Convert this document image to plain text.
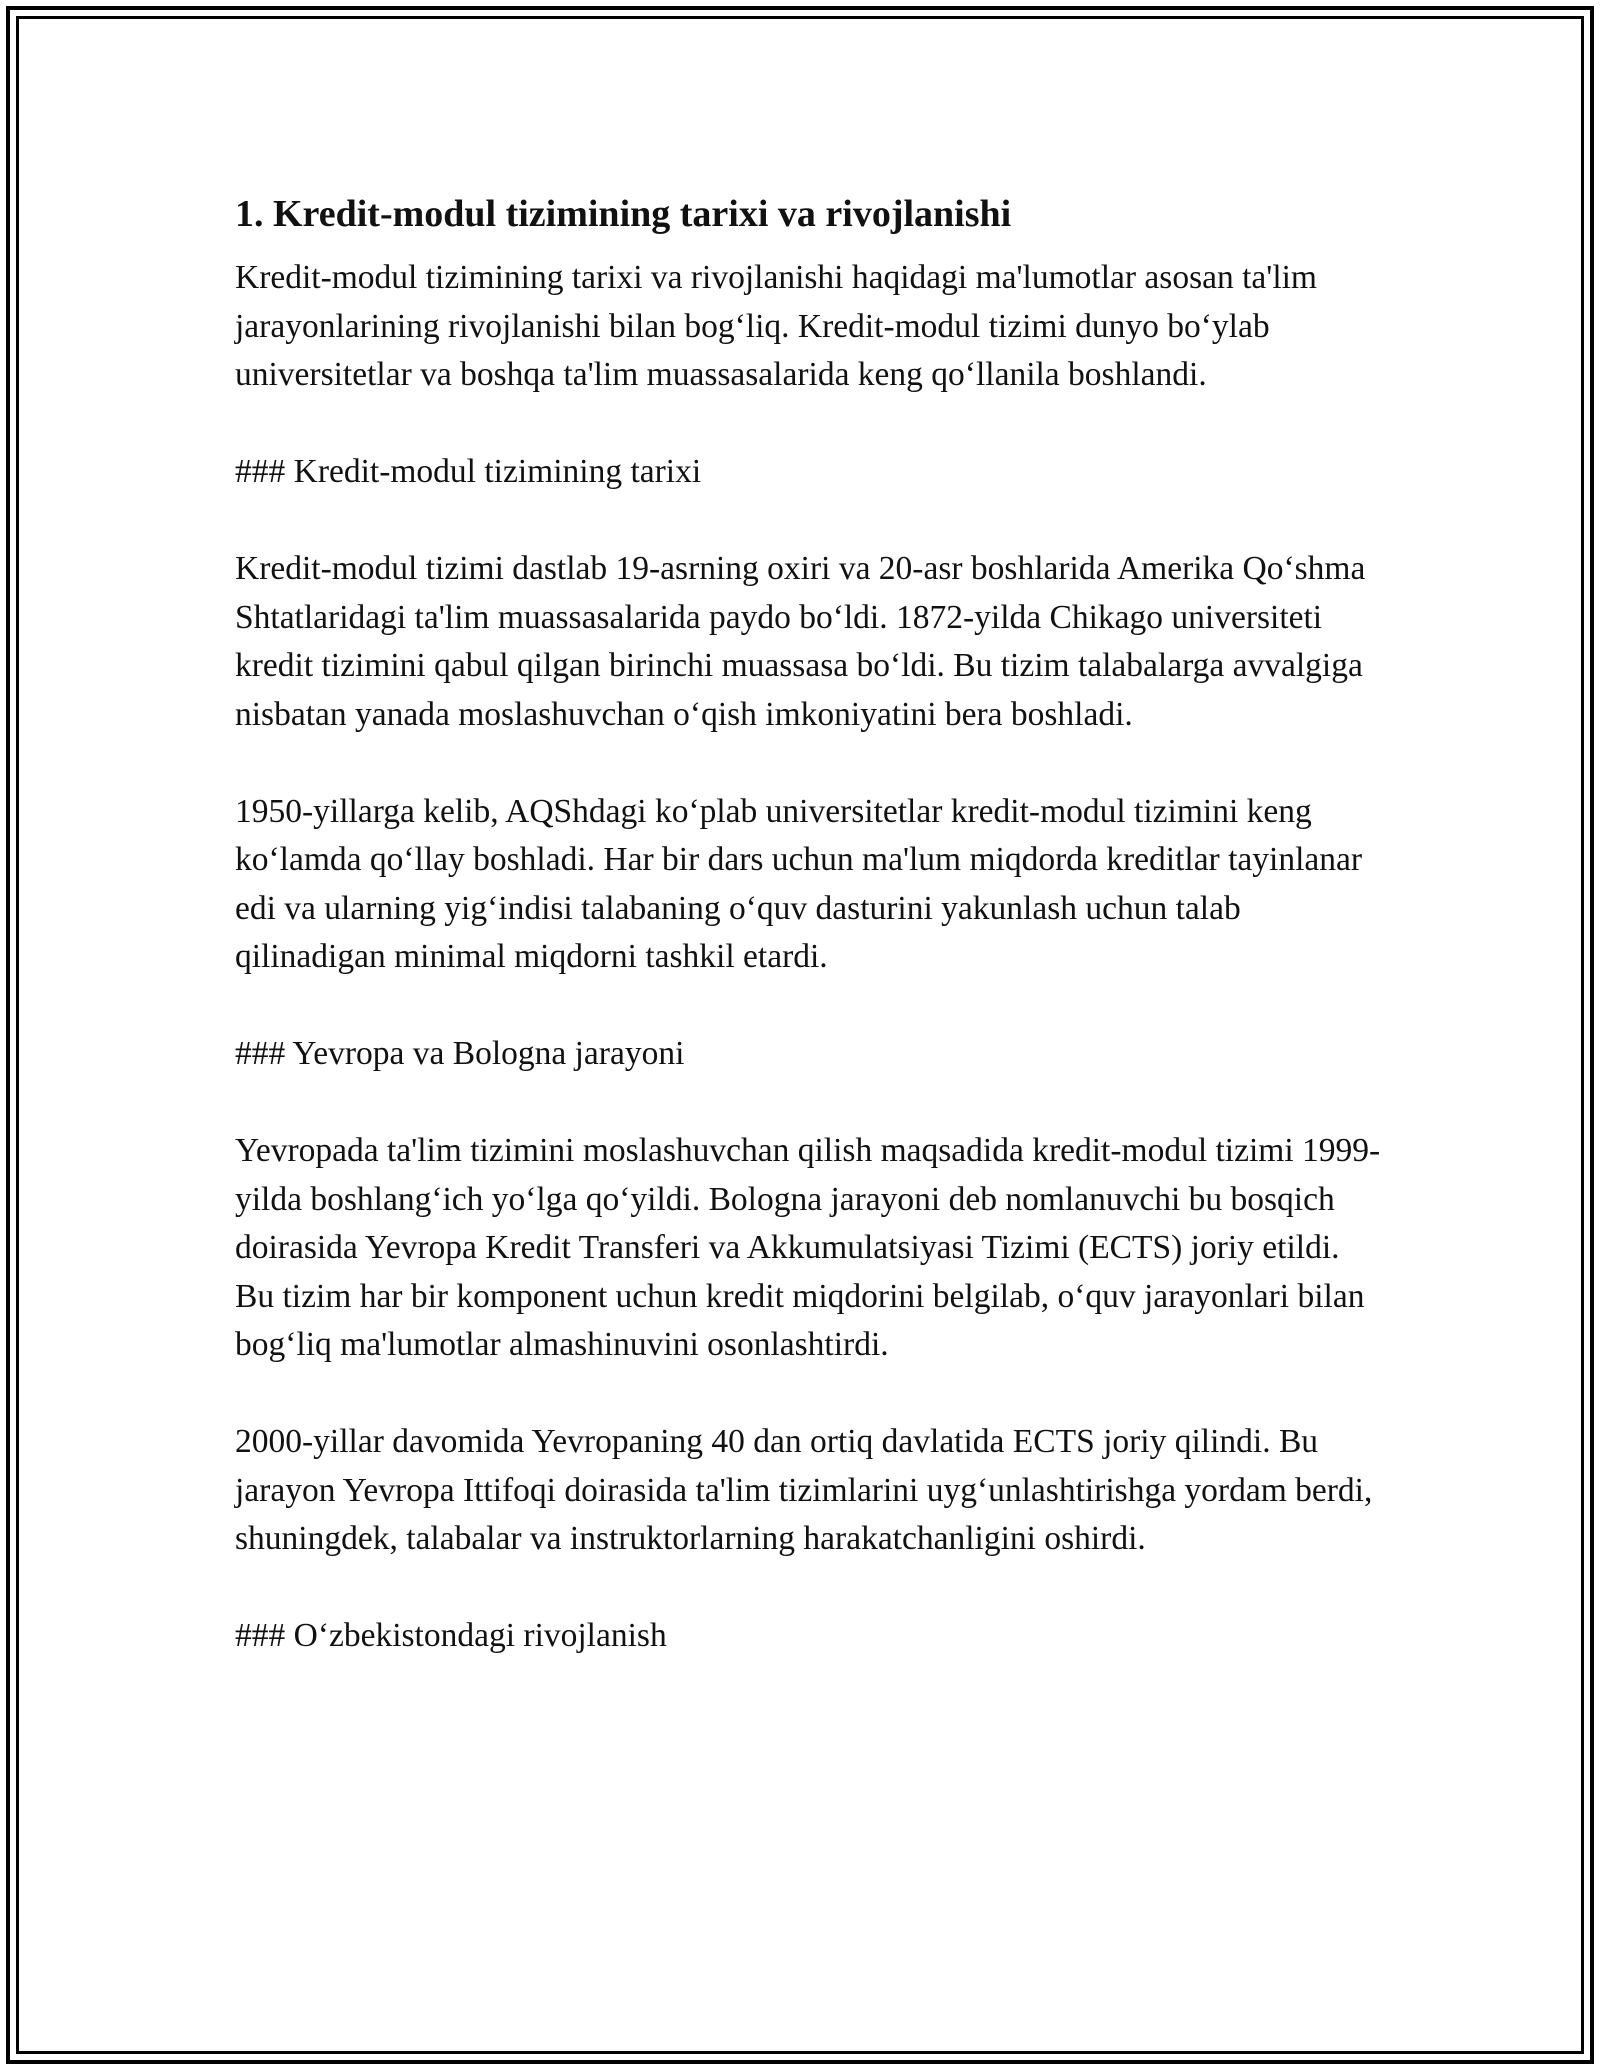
1. Kredit-modul tizimining tarixi va rivojlanishi

Kredit-modul tizimining tarixi va rivojlanishi haqidagi ma'lumotlar asosan ta'lim jarayonlarining rivojlanishi bilan bog‘liq. Kredit-modul tizimi dunyo bo‘ylab universitetlar va boshqa ta'lim muassasalarida keng qo‘llanila boshlandi.

### Kredit-modul tizimining tarixi

Kredit-modul tizimi dastlab 19-asrning oxiri va 20-asr boshlarida Amerika Qo‘shma Shtatlaridagi ta'lim muassasalarida paydo bo‘ldi. 1872-yilda Chikago universiteti kredit tizimini qabul qilgan birinchi muassasa bo‘ldi. Bu tizim talabalarga avvalgiga nisbatan yanada moslashuvchan o‘qish imkoniyatini bera boshladi.

1950-yillarga kelib, AQShdagi ko‘plab universitetlar kredit-modul tizimini keng ko‘lamda qo‘llay boshladi. Har bir dars uchun ma'lum miqdorda kreditlar tayinlanar edi va ularning yig‘indisi talabaning o‘quv dasturini yakunlash uchun talab qilinadigan minimal miqdorni tashkil etardi.

### Yevropa va Bologna jarayoni

Yevropada ta'lim tizimini moslashuvchan qilish maqsadida kredit-modul tizimi 1999-yilda boshlang‘ich yo‘lga qo‘yildi. Bologna jarayoni deb nomlanuvchi bu bosqich doirasida Yevropa Kredit Transferi va Akkumulatsiyasi Tizimi (ECTS) joriy etildi. Bu tizim har bir komponent uchun kredit miqdorini belgilab, o‘quv jarayonlari bilan bog‘liq ma'lumotlar almashinuvini osonlashtirdi.

2000-yillar davomida Yevropaning 40 dan ortiq davlatida ECTS joriy qilindi. Bu jarayon Yevropa Ittifoqi doirasida ta'lim tizimlarini uyg‘unlashtirishga yordam berdi, shuningdek, talabalar va instruktorlarning harakatchanligini oshirdi.

### O‘zbekistondagi rivojlanish
